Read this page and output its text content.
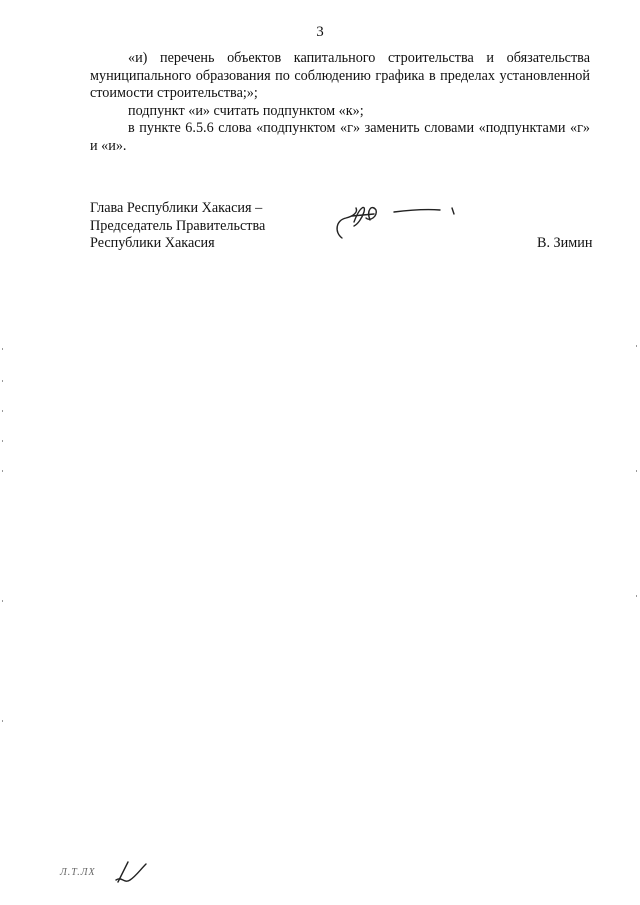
3

«и) перечень объектов капитального строительства и обязательства муниципального образования по соблюдению графика в пределах установленной стоимости строительства;»;

подпункт «и» считать подпунктом «к»;

в пункте 6.5.6 слова «подпунктом «г» заменить словами «подпунктами «г» и «и».

Глава Республики Хакасия –
Председатель Правительства
Республики Хакасия	В. Зимин
Л.Т.ЛХ
